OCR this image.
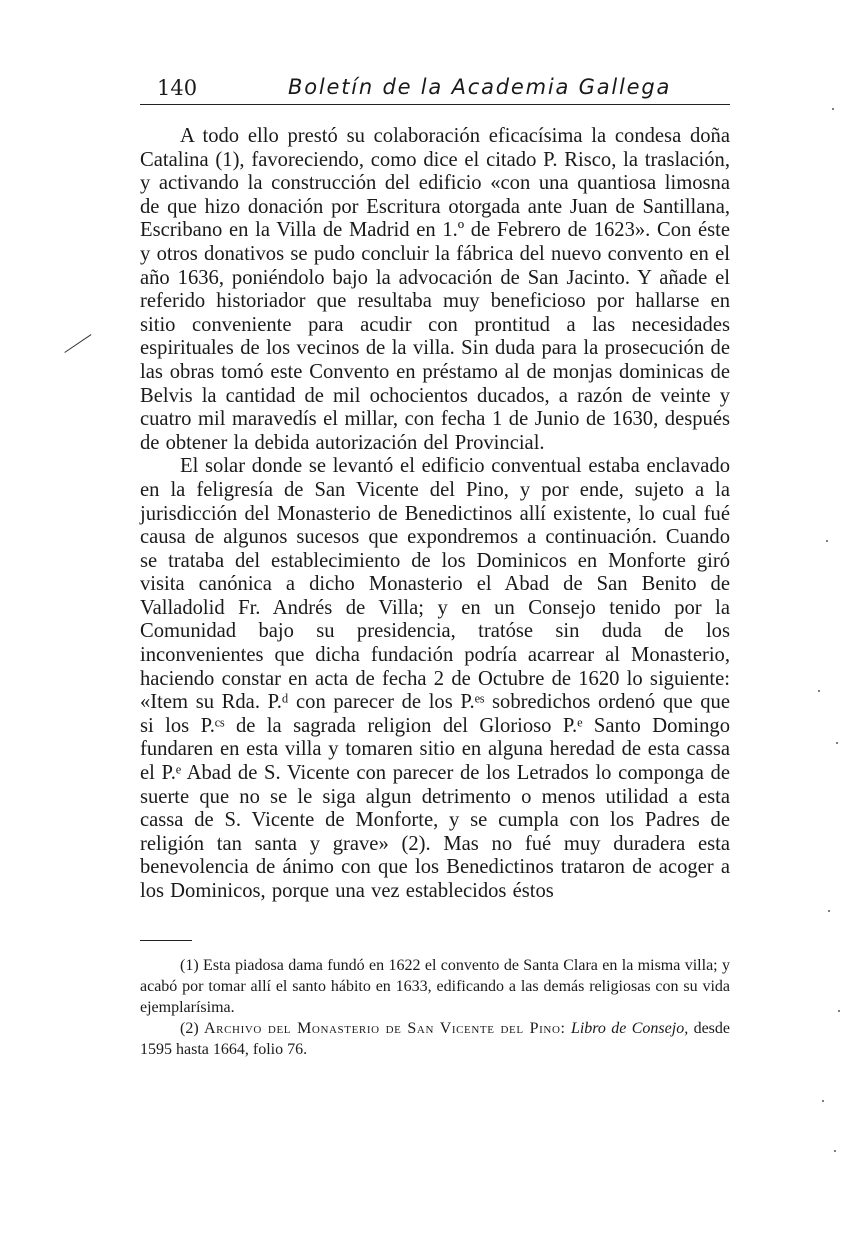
140	Boletín de la Academia Gallega

A todo ello prestó su colaboración eficacísima la condesa doña Catalina (1), favoreciendo, como dice el citado P. Risco, la traslación, y activando la construcción del edificio «con una quantiosa limosna de que hizo donación por Escritura otorgada ante Juan de Santillana, Escribano en la Villa de Madrid en 1.º de Febrero de 1623». Con éste y otros donativos se pudo concluir la fábrica del nuevo convento en el año 1636, poniéndolo bajo la advocación de San Jacinto. Y añade el referido historiador que resultaba muy beneficioso por hallarse en sitio conveniente para acudir con prontitud a las necesidades espirituales de los vecinos de la villa. Sin duda para la prosecución de las obras tomó este Convento en préstamo al de monjas dominicas de Belvis la cantidad de mil ochocientos ducados, a razón de veinte y cuatro mil maravedís el millar, con fecha 1 de Junio de 1630, después de obtener la debida autorización del Provincial.

El solar donde se levantó el edificio conventual estaba enclavado en la feligresía de San Vicente del Pino, y por ende, sujeto a la jurisdicción del Monasterio de Benedictinos allí existente, lo cual fué causa de algunos sucesos que expondremos a continuación. Cuando se trataba del establecimiento de los Dominicos en Monforte giró visita canónica a dicho Monasterio el Abad de San Benito de Valladolid Fr. Andrés de Villa; y en un Consejo tenido por la Comunidad bajo su presidencia, tratóse sin duda de los inconvenientes que dicha fundación podría acarrear al Monasterio, haciendo constar en acta de fecha 2 de Octubre de 1620 lo siguiente: «Item su Rda. P.ᵈ con parecer de los P.ᵉˢ sobredichos ordenó que que si los P.ᶜˢ de la sagrada religion del Glorioso P.ᵉ Santo Domingo fundaren en esta villa y tomaren sitio en alguna heredad de esta cassa el P.ᵉ Abad de S. Vicente con parecer de los Letrados lo componga de suerte que no se le siga algun detrimento o menos utilidad a esta cassa de S. Vicente de Monforte, y se cumpla con los Padres de religión tan santa y grave» (2). Mas no fué muy duradera esta benevolencia de ánimo con que los Benedictinos trataron de acoger a los Dominicos, porque una vez establecidos éstos

(1) Esta piadosa dama fundó en 1622 el convento de Santa Clara en la misma villa; y acabó por tomar allí el santo hábito en 1633, edificando a las demás religiosas con su vida ejemplarísima.

(2) Archivo del Monasterio de San Vicente del Pino: Libro de Consejo, desde 1595 hasta 1664, folio 76.
